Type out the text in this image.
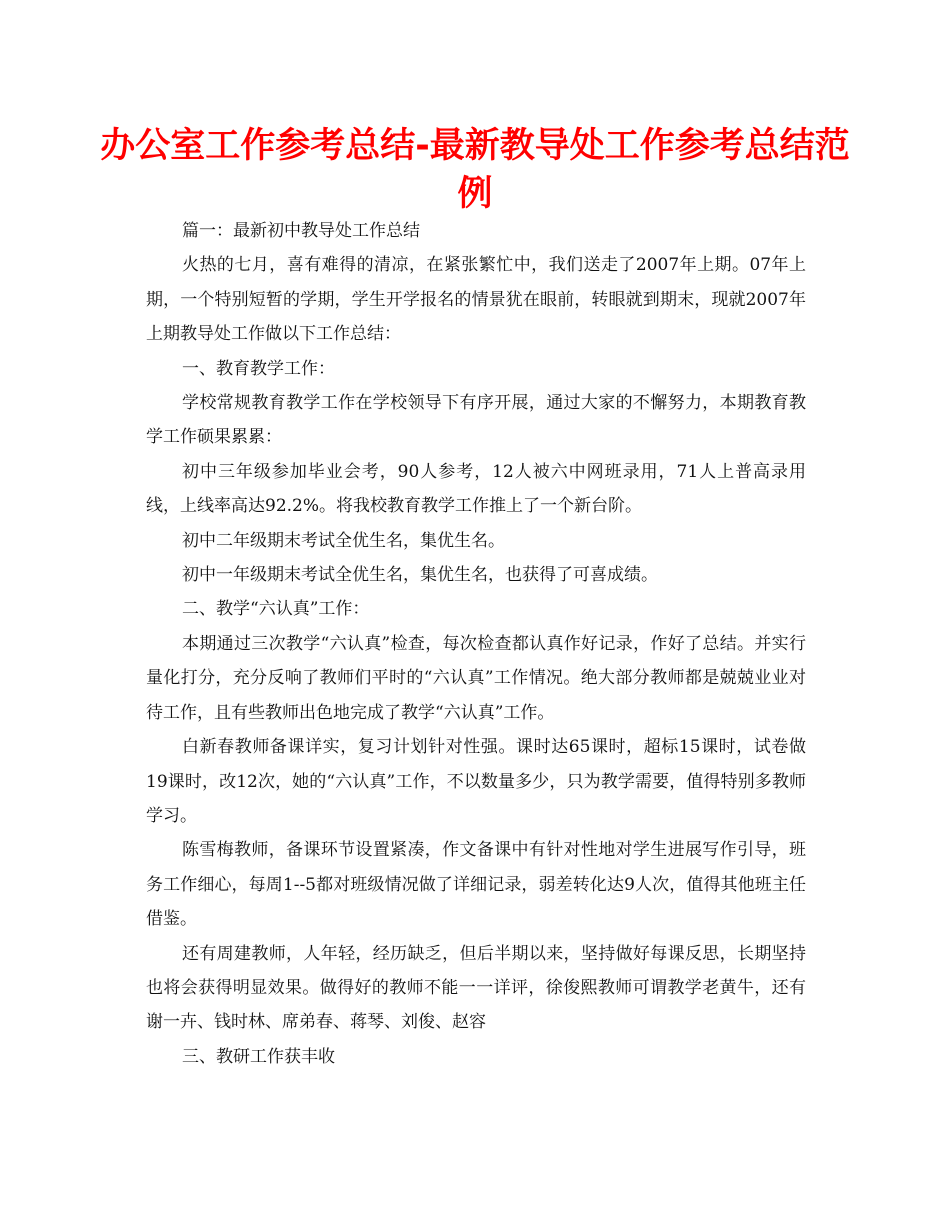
办公室工作参考总结-最新教导处工作参考总结范例

篇一：最新初中教导处工作总结

火热的七月，喜有难得的清凉，在紧张繁忙中，我们送走了2007年上期。07年上期，一个特别短暂的学期，学生开学报名的情景犹在眼前，转眼就到期末，现就2007年上期教导处工作做以下工作总结：

一、教育教学工作：

学校常规教育教学工作在学校领导下有序开展，通过大家的不懈努力，本期教育教学工作硕果累累：

初中三年级参加毕业会考，90人参考，12人被六中网班录用，71人上普高录用线，上线率高达92.2%。将我校教育教学工作推上了一个新台阶。

初中二年级期末考试全优生名，集优生名。

初中一年级期末考试全优生名，集优生名，也获得了可喜成绩。

二、教学“六认真”工作：

本期通过三次教学“六认真”检查，每次检查都认真作好记录，作好了总结。并实行量化打分，充分反响了教师们平时的“六认真”工作情况。绝大部分教师都是兢兢业业对待工作，且有些教师出色地完成了教学“六认真”工作。

白新春教师备课详实，复习计划针对性强。课时达65课时，超标15课时，试卷做19课时，改12次，她的“六认真”工作，不以数量多少，只为教学需要，值得特别多教师学习。

陈雪梅教师，备课环节设置紧凑，作文备课中有针对性地对学生进展写作引导，班务工作细心，每周1--5都对班级情况做了详细记录，弱差转化达9人次，值得其他班主任借鉴。

还有周建教师，人年轻，经历缺乏，但后半期以来，坚持做好每课反思，长期坚持也将会获得明显效果。做得好的教师不能一一详评，徐俊熙教师可谓教学老黄牛，还有谢一卉、钱时林、席弟春、蒋琴、刘俊、赵容

三、教研工作获丰收
